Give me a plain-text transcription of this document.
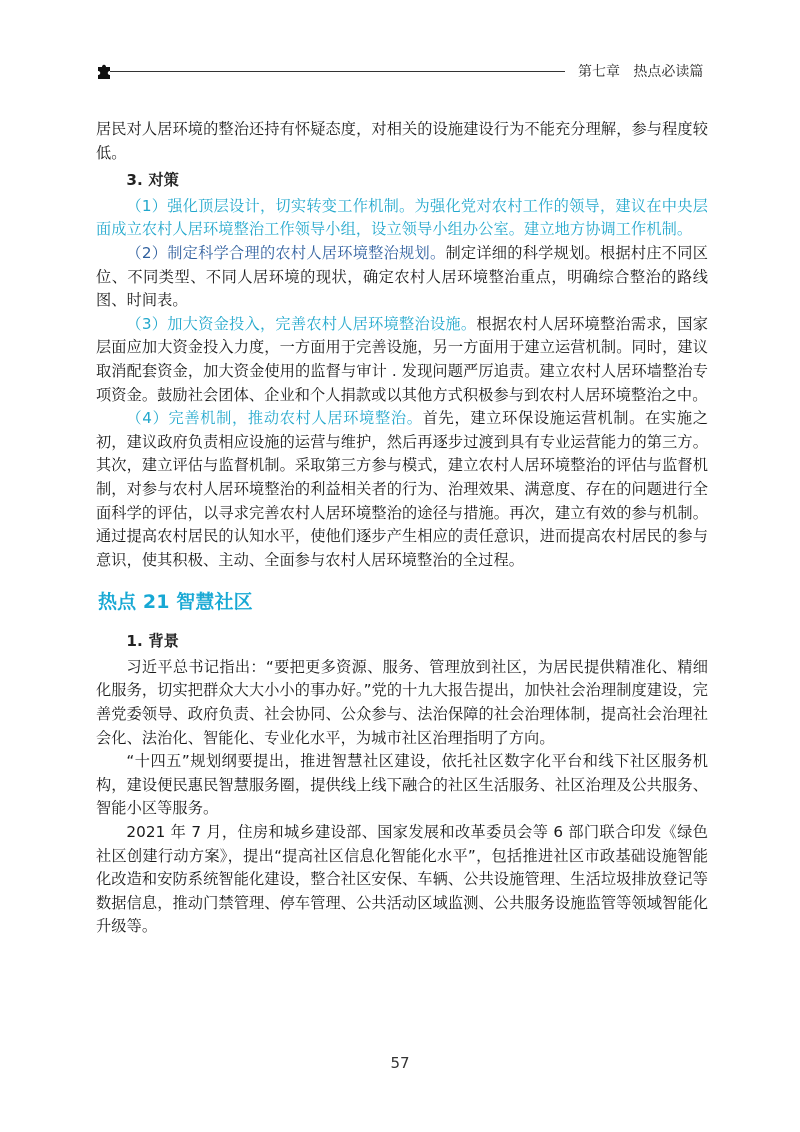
第七章 热点必读篇

居民对人居环境的整治还持有怀疑态度，对相关的设施建设行为不能充分理解，参与程度较低。

3. 对策

（1）强化顶层设计，切实转变工作机制。为强化党对农村工作的领导，建议在中央层面成立农村人居环境整治工作领导小组，设立领导小组办公室。建立地方协调工作机制。

（2）制定科学合理的农村人居环境整治规划。制定详细的科学规划。根据村庄不同区位、不同类型、不同人居环境的现状，确定农村人居环境整治重点，明确综合整治的路线图、时间表。

（3）加大资金投入，完善农村人居环境整治设施。根据农村人居环境整治需求，国家层面应加大资金投入力度，一方面用于完善设施，另一方面用于建立运营机制。同时，建议取消配套资金，加大资金使用的监督与审计 . 发现问题严厉追责。建立农村人居环墙整治专项资金。鼓励社会团体、企业和个人捐款或以其他方式积极参与到农村人居环境整治之中。

（4）完善机制，推动农村人居环境整治。首先，建立环保设施运营机制。在实施之初，建议政府负责相应设施的运营与维护，然后再逐步过渡到具有专业运营能力的第三方。其次，建立评估与监督机制。采取第三方参与模式，建立农村人居环境整治的评估与监督机制，对参与农村人居环境整治的利益相关者的行为、治理效果、满意度、存在的问题进行全面科学的评估，以寻求完善农村人居环境整治的途径与措施。再次，建立有效的参与机制。通过提高农村居民的认知水平，使他们逐步产生相应的责任意识，进而提高农村居民的参与意识，使其积极、主动、全面参与农村人居环境整治的全过程。

热点 21 智慧社区
1. 背景

习近平总书记指出：“要把更多资源、服务、管理放到社区，为居民提供精准化、精细化服务，切实把群众大大小小的事办好。”党的十九大报告提出，加快社会治理制度建设，完善党委领导、政府负责、社会协同、公众参与、法治保障的社会治理体制，提高社会治理社会化、法治化、智能化、专业化水平，为城市社区治理指明了方向。

“十四五”规划纲要提出，推进智慧社区建设，依托社区数字化平台和线下社区服务机构，建设便民惠民智慧服务圈，提供线上线下融合的社区生活服务、社区治理及公共服务、智能小区等服务。

2021 年 7 月，住房和城乡建设部、国家发展和改革委员会等 6 部门联合印发《绿色社区创建行动方案》，提出“提高社区信息化智能化水平”，包括推进社区市政基础设施智能化改造和安防系统智能化建设，整合社区安保、车辆、公共设施管理、生活垃圾排放登记等数据信息，推动门禁管理、停车管理、公共活动区域监测、公共服务设施监管等领域智能化升级等。

57
